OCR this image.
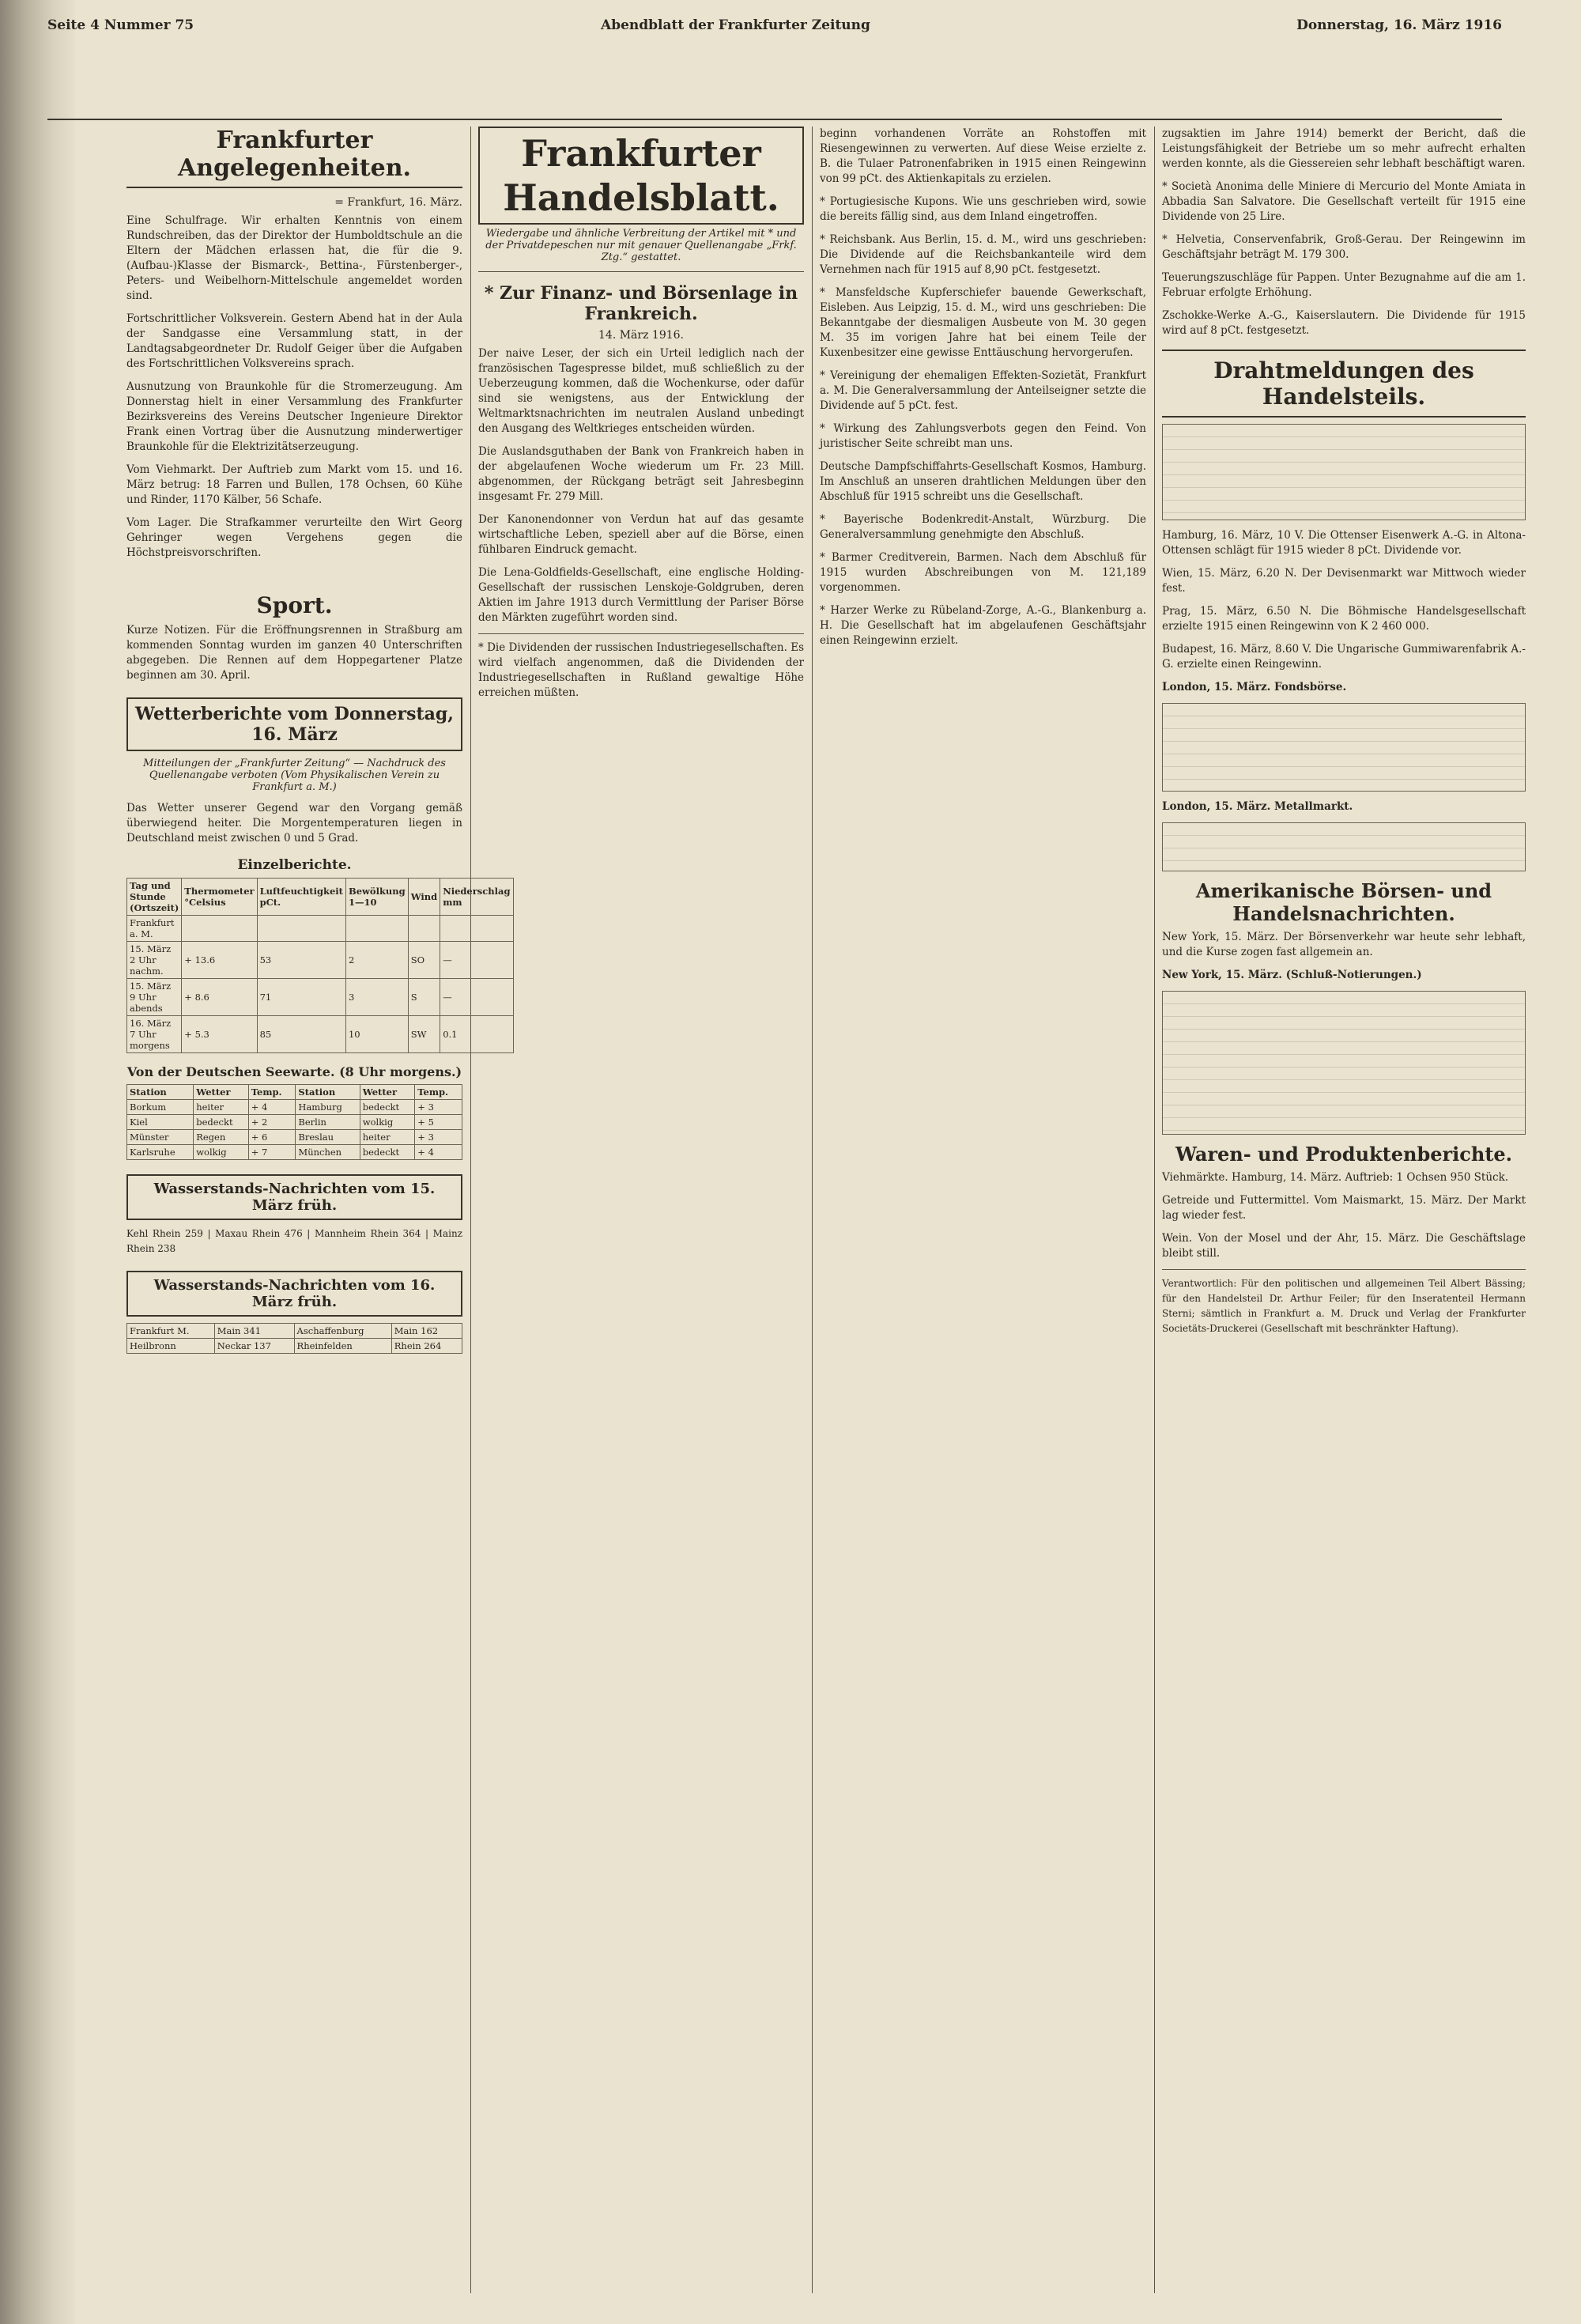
Seite 4 Nummer 75	Abendblatt der Frankfurter Zeitung	Donnerstag, 16. März 1916
Frankfurter Angelegenheiten.
= Frankfurt, 16. März.

Eine Schulfrage. Wir erhalten Kenntnis von einem Rundschreiben, das der Direktor der Humboldtschule an die Eltern der Mädchen erlassen hat, die für die 9. (Aufbau-)Klasse der Bismarck-, Bettina-, Fürstenberger-, Peters- und Weibelhorn-Mittelschule angemeldet worden sind.

Fortschrittlicher Volksverein. Gestern Abend hat in der Aula der Sandgasse eine Versammlung statt, in der Landtagsabgeordneter Dr. Rudolf Geiger über die Aufgaben des Fortschrittlichen Volksvereins sprach.

Ausnutzung von Braunkohle für die Stromerzeugung. Am Donnerstag hielt in einer Versammlung des Frankfurter Bezirksvereins des Vereins Deutscher Ingenieure Direktor Frank einen Vortrag über die Ausnutzung minderwertiger Braunkohle für die Elektrizitätserzeugung.

Vom Viehmarkt. Der Auftrieb zum Markt vom 15. und 16. März betrug: 18 Farren und Bullen, 178 Ochsen, 60 Kühe und Rinder, 1170 Kälber, 56 Schafe.

Vom Lager. Die Strafkammer verurteilte den Wirt Georg Gehringer wegen Vergehens gegen die Höchstpreisvorschriften.

Sport.

Kurze Notizen. Für die Eröffnungsrennen in Straßburg am kommenden Sonntag wurden im ganzen 40 Unterschriften abgegeben. Die Rennen auf dem Hoppegartener Platze beginnen am 30. April.

Wetterberichte vom Donnerstag, 16. März
Mitteilungen der „Frankfurter Zeitung“ — Nachdruck des Quellenangabe verboten (Vom Physikalischen Verein zu Frankfurt a. M.)

Das Wetter unserer Gegend war den Vorgang gemäß überwiegend heiter. Die Morgentemperaturen liegen in Deutschland meist zwischen 0 und 5 Grad.

Einzelberichte.
Tag und Stunde (Ortszeit)	Thermometer °Celsius	Luftfeuchtigkeit pCt.	Bewölkung 1—10	Wind	Niederschlag mm
Frankfurt a. M.					
15. März 2 Uhr nachm.	+ 13.6	53	2	SO	—
15. März 9 Uhr abends	+ 8.6	71	3	S	—
16. März 7 Uhr morgens	+ 5.3	85	10	SW	0.1
Von der Deutschen Seewarte. (8 Uhr morgens.)
Station	Wetter	Temp.	Station	Wetter	Temp.
Borkum	heiter	+ 4	Hamburg	bedeckt	+ 3
Kiel	bedeckt	+ 2	Berlin	wolkig	+ 5
Münster	Regen	+ 6	Breslau	heiter	+ 3
Karlsruhe	wolkig	+ 7	München	bedeckt	+ 4
Wasserstands-Nachrichten vom 15. März früh.
Kehl Rhein 259 | Maxau Rhein 476 | Mannheim Rhein 364 | Mainz Rhein 238
Wasserstands-Nachrichten vom 16. März früh.
Frankfurt M.	Main 341	Aschaffenburg	Main 162
Heilbronn	Neckar 137	Rheinfelden	Rhein 264
Frankfurter Handelsblatt.
Wiedergabe und ähnliche Verbreitung der Artikel mit * und der Privatdepeschen nur mit genauer Quellenangabe „Frkf. Ztg.“ gestattet.
* Zur Finanz- und Börsenlage in Frankreich.
14. März 1916.

Der naive Leser, der sich ein Urteil lediglich nach der französischen Tagespresse bildet, muß schließlich zu der Ueberzeugung kommen, daß die Wochenkurse, oder dafür sind sie wenigstens, aus der Entwicklung der Weltmarktsnachrichten im neutralen Ausland unbedingt den Ausgang des Weltkrieges entscheiden würden.

Die Auslandsguthaben der Bank von Frankreich haben in der abgelaufenen Woche wiederum um Fr. 23 Mill. abgenommen, der Rückgang beträgt seit Jahresbeginn insgesamt Fr. 279 Mill.

Der Kanonendonner von Verdun hat auf das gesamte wirtschaftliche Leben, speziell aber auf die Börse, einen fühlbaren Eindruck gemacht.

Die Lena-Goldfields-Gesellschaft, eine englische Holding-Gesellschaft der russischen Lenskoje-Goldgruben, deren Aktien im Jahre 1913 durch Vermittlung der Pariser Börse den Märkten zugeführt worden sind.

* Die Dividenden der russischen Industriegesellschaften. Es wird vielfach angenommen, daß die Dividenden der Industriegesellschaften in Rußland gewaltige Höhe erreichen müßten.

beginn vorhandenen Vorräte an Rohstoffen mit Riesengewinnen zu verwerten. Auf diese Weise erzielte z. B. die Tulaer Patronenfabriken in 1915 einen Reingewinn von 99 pCt. des Aktienkapitals zu erzielen.

* Portugiesische Kupons. Wie uns geschrieben wird, sowie die bereits fällig sind, aus dem Inland eingetroffen.

* Reichsbank. Aus Berlin, 15. d. M., wird uns geschrieben: Die Dividende auf die Reichsbankanteile wird dem Vernehmen nach für 1915 auf 8,90 pCt. festgesetzt.

* Mansfeldsche Kupferschiefer bauende Gewerkschaft, Eisleben. Aus Leipzig, 15. d. M., wird uns geschrieben: Die Bekanntgabe der diesmaligen Ausbeute von M. 30 gegen M. 35 im vorigen Jahre hat bei einem Teile der Kuxenbesitzer eine gewisse Enttäuschung hervorgerufen.

* Vereinigung der ehemaligen Effekten-Sozietät, Frankfurt a. M. Die Generalversammlung der Anteilseigner setzte die Dividende auf 5 pCt. fest.

* Wirkung des Zahlungsverbots gegen den Feind. Von juristischer Seite schreibt man uns.

Deutsche Dampfschiffahrts-Gesellschaft Kosmos, Hamburg. Im Anschluß an unseren drahtlichen Meldungen über den Abschluß für 1915 schreibt uns die Gesellschaft.

* Bayerische Bodenkredit-Anstalt, Würzburg. Die Generalversammlung genehmigte den Abschluß.

* Barmer Creditverein, Barmen. Nach dem Abschluß für 1915 wurden Abschreibungen von M. 121,189 vorgenommen.

* Harzer Werke zu Rübeland-Zorge, A.-G., Blankenburg a. H. Die Gesellschaft hat im abgelaufenen Geschäftsjahr einen Reingewinn erzielt.

zugsaktien im Jahre 1914) bemerkt der Bericht, daß die Leistungsfähigkeit der Betriebe um so mehr aufrecht erhalten werden konnte, als die Giessereien sehr lebhaft beschäftigt waren.

* Società Anonima delle Miniere di Mercurio del Monte Amiata in Abbadia San Salvatore. Die Gesellschaft verteilt für 1915 eine Dividende von 25 Lire.

* Helvetia, Conservenfabrik, Groß-Gerau. Der Reingewinn im Geschäftsjahr beträgt M. 179 300.

Teuerungszuschläge für Pappen. Unter Bezugnahme auf die am 1. Februar erfolgte Erhöhung.

Zschokke-Werke A.-G., Kaiserslautern. Die Dividende für 1915 wird auf 8 pCt. festgesetzt.

Drahtmeldungen des Handelsteils.

Hamburg, 16. März, 10 V. Die Ottenser Eisenwerk A.-G. in Altona-Ottensen schlägt für 1915 wieder 8 pCt. Dividende vor.

Wien, 15. März, 6.20 N. Der Devisenmarkt war Mittwoch wieder fest.

Prag, 15. März, 6.50 N. Die Böhmische Handelsgesellschaft erzielte 1915 einen Reingewinn von K 2 460 000.

Budapest, 16. März, 8.60 V. Die Ungarische Gummiwarenfabrik A.-G. erzielte einen Reingewinn.

London, 15. März. Fondsbörse.

London, 15. März. Metallmarkt.

Amerikanische Börsen- und Handelsnachrichten.

New York, 15. März. Der Börsenverkehr war heute sehr lebhaft, und die Kurse zogen fast allgemein an.

New York, 15. März. (Schluß-Notierungen.)

Waren- und Produktenberichte.

Viehmärkte. Hamburg, 14. März. Auftrieb: 1 Ochsen 950 Stück.

Getreide und Futtermittel. Vom Maismarkt, 15. März. Der Markt lag wieder fest.

Wein. Von der Mosel und der Ahr, 15. März. Die Geschäftslage bleibt still.

Verantwortlich: Für den politischen und allgemeinen Teil Albert Bässing; für den Handelsteil Dr. Arthur Feiler; für den Inseratenteil Hermann Sterni; sämtlich in Frankfurt a. M. Druck und Verlag der Frankfurter Societäts-Druckerei (Gesellschaft mit beschränkter Haftung).
